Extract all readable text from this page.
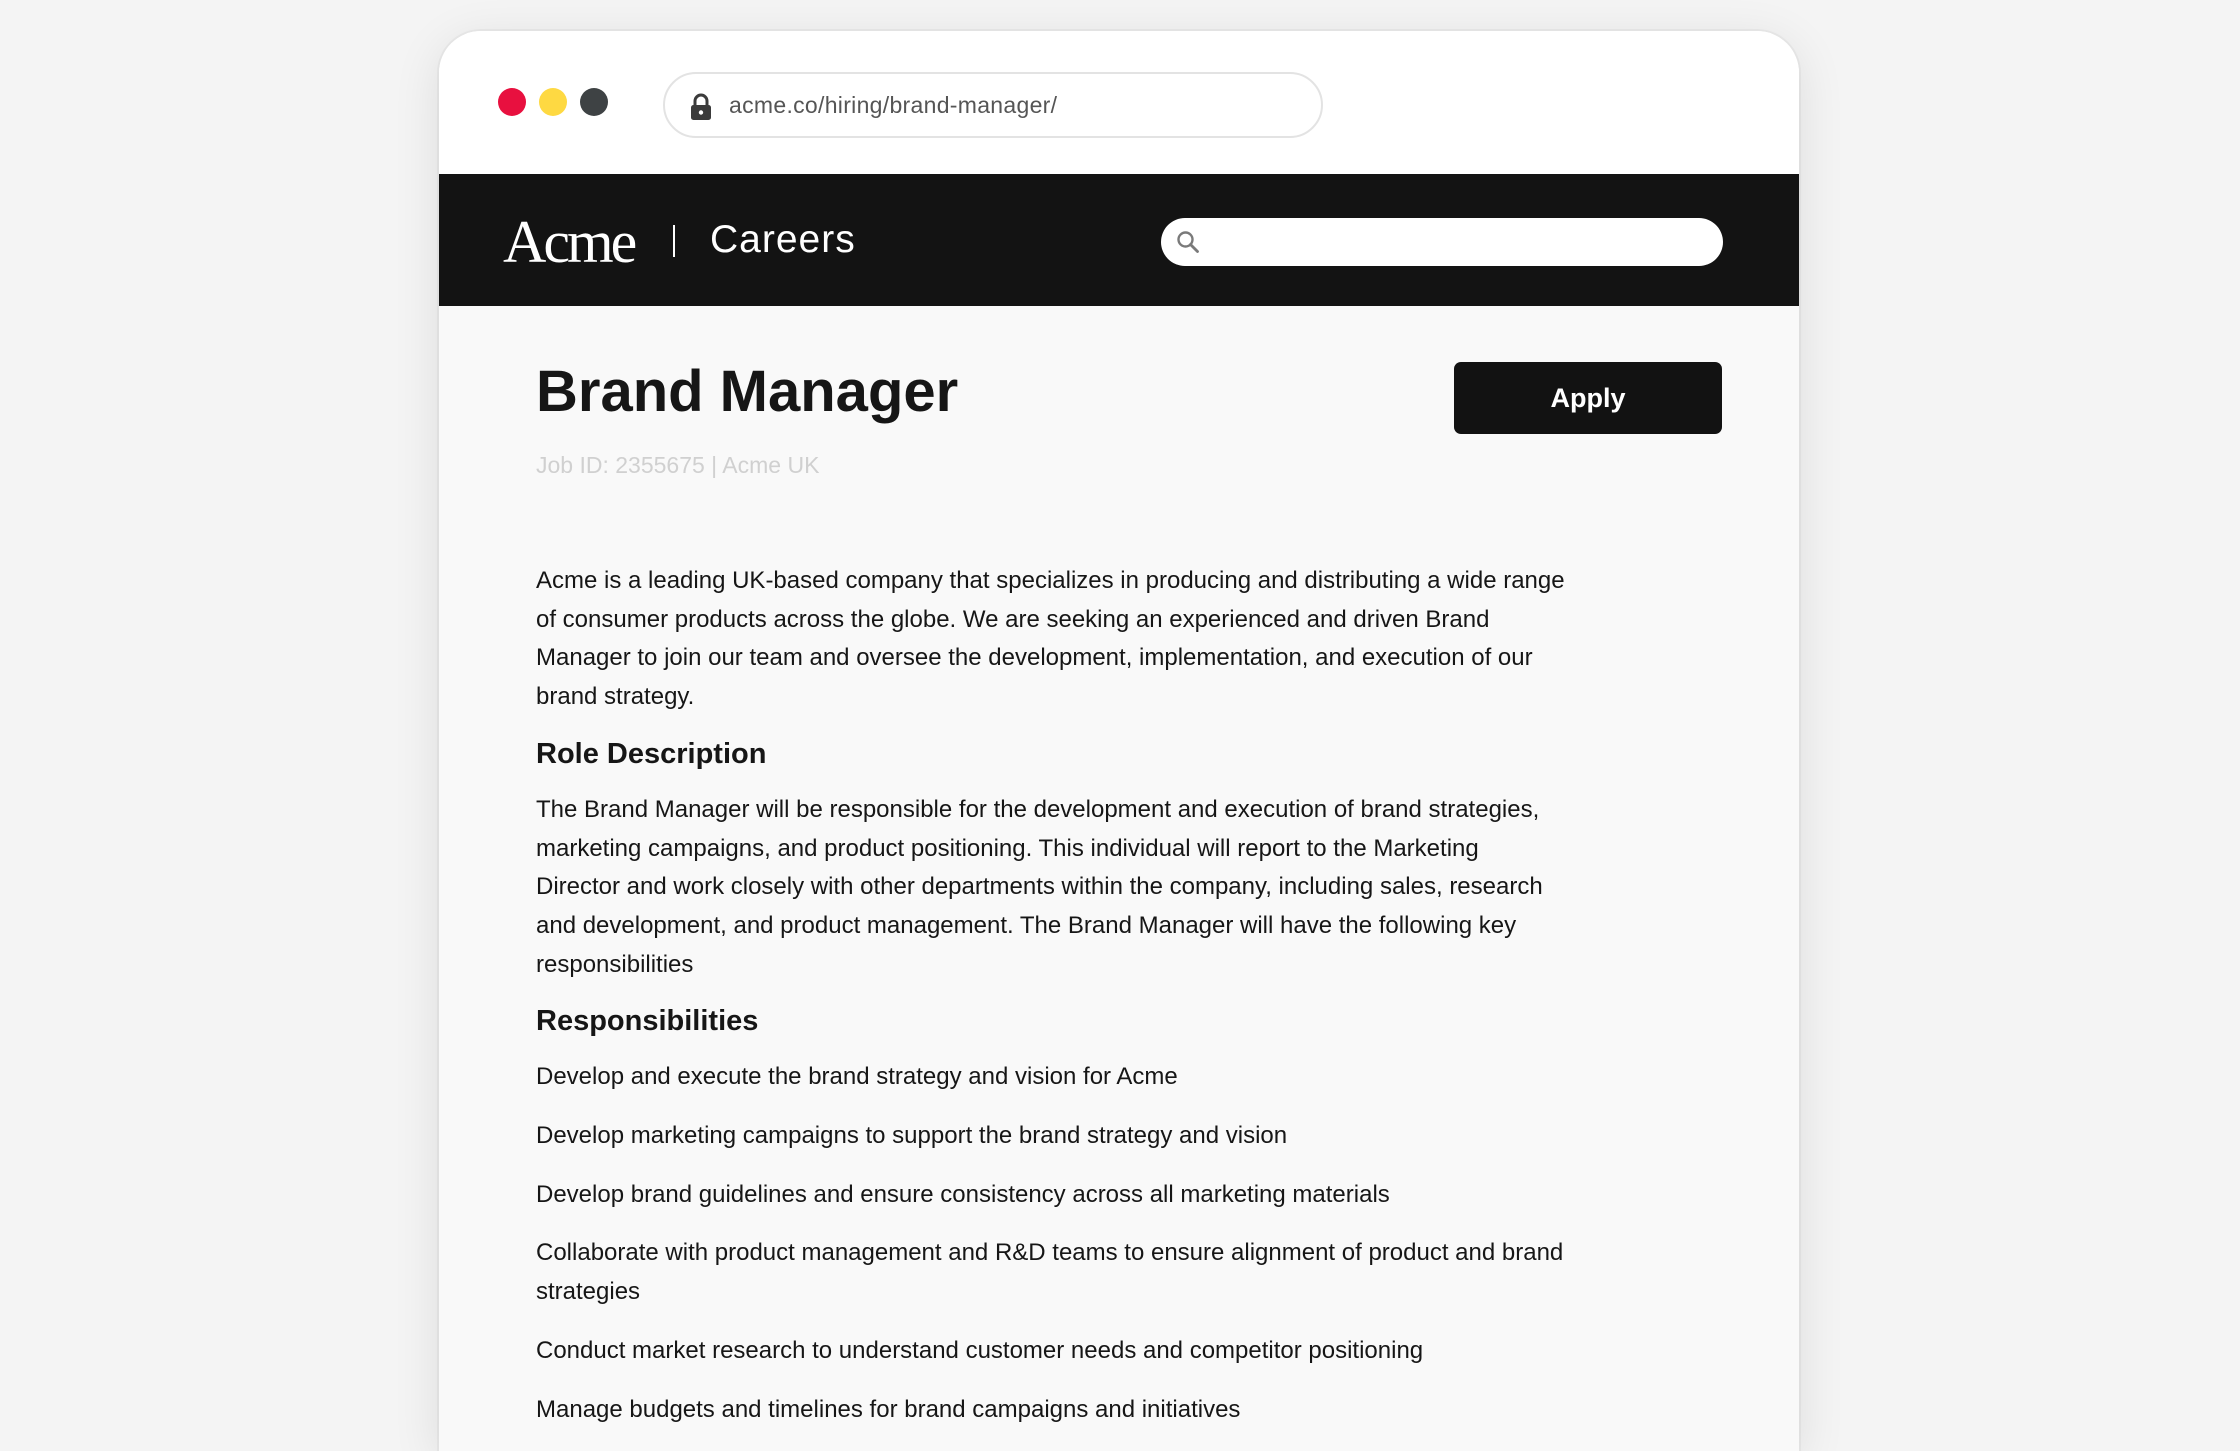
acme.co/hiring/brand-manager/
Acme Careers
Brand Manager
Job ID: 2355675 | Acme UK
Apply

Acme is a leading UK-based company that specializes in producing and distributing a wide range of consumer products across the globe. We are seeking an experienced and driven Brand Manager to join our team and oversee the development, implementation, and execution of our brand strategy.

Role Description

The Brand Manager will be responsible for the development and execution of brand strategies, marketing campaigns, and product positioning. This individual will report to the Marketing Director and work closely with other departments within the company, including sales, research and development, and product management. The Brand Manager will have the following key responsibilities

Responsibilities
Develop and execute the brand strategy and vision for Acme
Develop marketing campaigns to support the brand strategy and vision
Develop brand guidelines and ensure consistency across all marketing materials
Collaborate with product management and R&D teams to ensure alignment of product and brand strategies
Conduct market research to understand customer needs and competitor positioning
Manage budgets and timelines for brand campaigns and initiatives
